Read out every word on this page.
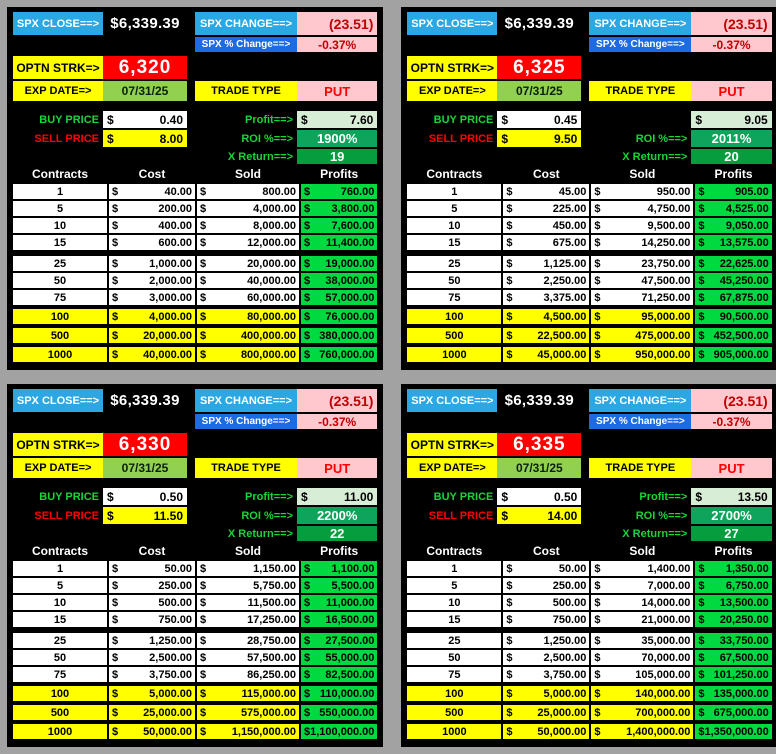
SPX CLOSE==> $6,339.39	SPX CHANGE==>	(23.51)
SPX % Change==>	-0.37%
OPTN STRK=>	6,320
EXP DATE=>	07/31/25	TRADE TYPE	PUT
BUY PRICE $	0.40	Profit==> $	7.60
SELL PRICE $	8.00	ROI %==>	1900%
X Return==>	19
Contracts	Cost	Sold	Profits
1	$	40.00 $	800.00 $	760.00
5	$	200.00 $	4,000.00 $ 3,800.00
10	$	400.00 $	8,000.00 $ 7,600.00
15	$	600.00 $	12,000.00 $ 11,400.00
25	$	1,000.00 $	20,000.00 $ 19,000.00
50	$	2,000.00 $	40,000.00 $ 38,000.00
75	$	3,000.00 $	60,000.00 $ 57,000.00
100	$	4,000.00 $	80,000.00 $ 76,000.00
500	$ 20,000.00 $	400,000.00 $ 380,000.00
1000	$ 40,000.00 $	800,000.00 $ 760,000.00
SPX CLOSE==> $6,339.39	SPX CHANGE==>	(23.51)
SPX % Change==>	-0.37%
OPTN STRK=>	6,325
EXP DATE=>	07/31/25	TRADE TYPE	PUT
BUY PRICE $	0.45	$	9.05
SELL PRICE $	9.50	ROI %==>	2011%
X Return==>	20
Contracts	Cost	Sold	Profits
1	$	45.00 $	950.00 $	905.00
5	$	225.00 $	4,750.00 $ 4,525.00
10	$	450.00 $	9,500.00 $ 9,050.00
15	$	675.00 $	14,250.00 $ 13,575.00
25	$	1,125.00 $	23,750.00 $ 22,625.00
50	$	2,250.00 $	47,500.00 $ 45,250.00
75	$	3,375.00 $	71,250.00 $ 67,875.00
100	$	4,500.00 $	95,000.00 $ 90,500.00
500	$ 22,500.00 $	475,000.00 $ 452,500.00
1000	$ 45,000.00 $	950,000.00 $ 905,000.00
SPX CLOSE==> $6,339.39	SPX CHANGE==>	(23.51)
SPX % Change==>	-0.37%
OPTN STRK=>	6,330
EXP DATE=>	07/31/25	TRADE TYPE	PUT
BUY PRICE $	0.50	Profit==> $	11.00
SELL PRICE $	11.50	ROI %==>	2200%
X Return==>	22
Contracts	Cost	Sold	Profits
1	$	50.00 $	1,150.00 $ 1,100.00
5	$	250.00 $	5,750.00 $ 5,500.00
10	$	500.00 $	11,500.00 $ 11,000.00
15	$	750.00 $	17,250.00 $ 16,500.00
25	$	1,250.00 $	28,750.00 $ 27,500.00
50	$	2,500.00 $	57,500.00 $ 55,000.00
75	$	3,750.00 $	86,250.00 $ 82,500.00
100	$	5,000.00 $	115,000.00 $ 110,000.00
500	$ 25,000.00 $	575,000.00 $ 550,000.00
1000	$ 50,000.00 $ 1,150,000.00 $ 1,100,000.00
SPX CLOSE==> $6,339.39	SPX CHANGE==>	(23.51)
SPX % Change==>	-0.37%
OPTN STRK=>	6,335
EXP DATE=>	07/31/25	TRADE TYPE	PUT
BUY PRICE $	0.50	Profit==> $	13.50
SELL PRICE $	14.00	ROI %==>	2700%
X Return==>	27
Contracts	Cost	Sold	Profits
1	$	50.00 $	1,400.00 $ 1,350.00
5	$	250.00 $	7,000.00 $ 6,750.00
10	$	500.00 $	14,000.00 $ 13,500.00
15	$	750.00 $	21,000.00 $ 20,250.00
25	$	1,250.00 $	35,000.00 $ 33,750.00
50	$	2,500.00 $	70,000.00 $ 67,500.00
75	$	3,750.00 $	105,000.00 $ 101,250.00
100	$	5,000.00 $	140,000.00 $ 135,000.00
500	$ 25,000.00 $	700,000.00 $ 675,000.00
1000	$ 50,000.00 $ 1,400,000.00 $ 1,350,000.00
